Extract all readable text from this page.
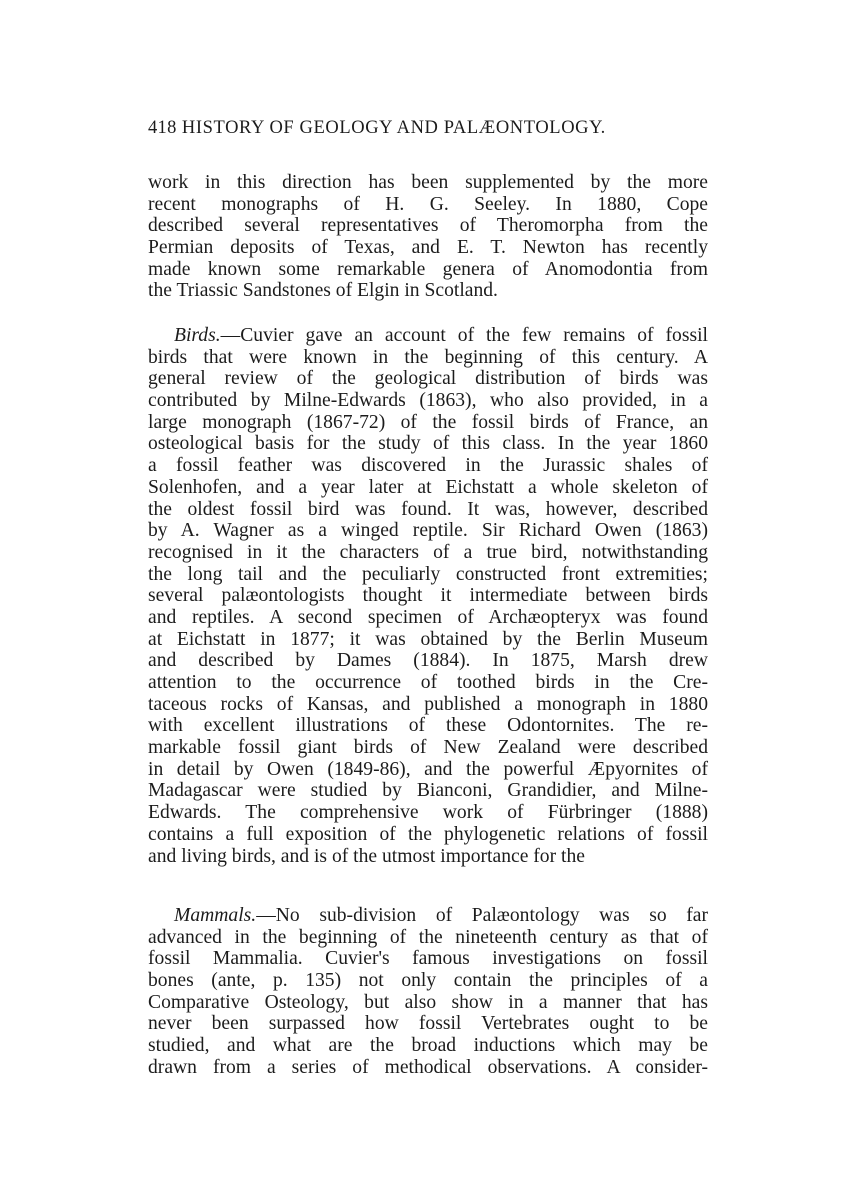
418 HISTORY OF GEOLOGY AND PALÆONTOLOGY.
work in this direction has been supplemented by the more
recent monographs of H. G. Seeley. In 1880, Cope
described several representatives of Theromorpha from the
Permian deposits of Texas, and E. T. Newton has recently
made known some remarkable genera of Anomodontia from
the Triassic Sandstones of Elgin in Scotland.
Birds.—Cuvier gave an account of the few remains of fossil
birds that were known in the beginning of this century. A
general review of the geological distribution of birds was
contributed by Milne-Edwards (1863), who also provided, in a
large monograph (1867-72) of the fossil birds of France, an
osteological basis for the study of this class. In the year 1860
a fossil feather was discovered in the Jurassic shales of
Solenhofen, and a year later at Eichstatt a whole skeleton of
the oldest fossil bird was found. It was, however, described
by A. Wagner as a winged reptile. Sir Richard Owen (1863)
recognised in it the characters of a true bird, notwithstanding
the long tail and the peculiarly constructed front extremities;
several palæontologists thought it intermediate between birds
and reptiles. A second specimen of Archæopteryx was found
at Eichstatt in 1877; it was obtained by the Berlin Museum
and described by Dames (1884). In 1875, Marsh drew
attention to the occurrence of toothed birds in the Cre-
taceous rocks of Kansas, and published a monograph in 1880
with excellent illustrations of these Odontornites. The re-
markable fossil giant birds of New Zealand were described
in detail by Owen (1849-86), and the powerful Æpyornites of
Madagascar were studied by Bianconi, Grandidier, and Milne-
Edwards. The comprehensive work of Fürbringer (1888)
contains a full exposition of the phylogenetic relations of fossil
and living birds, and is of the utmost importance for the
Mammals.—No sub-division of Palæontology was so far
advanced in the beginning of the nineteenth century as that of
fossil Mammalia. Cuvier's famous investigations on fossil
bones (ante, p. 135) not only contain the principles of a
Comparative Osteology, but also show in a manner that has
never been surpassed how fossil Vertebrates ought to be
studied, and what are the broad inductions which may be
drawn from a series of methodical observations. A consider-
